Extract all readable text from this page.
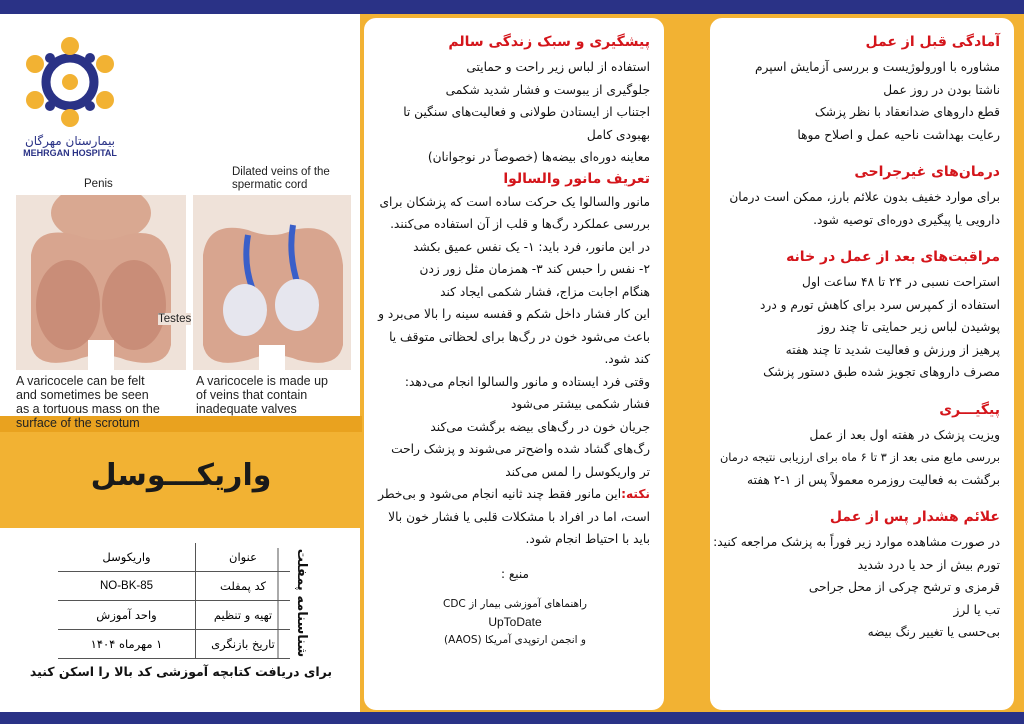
بیمارستان مهرگان
MEHRGAN HOSPITAL
Penis
Dilated veins of the spermatic cord
Testes
A varicocele can be felt
and sometimes be seen
as a tortuous mass on the
surface of the scrotum
A varicocele is made up
of veins that contain
inadequate valves
واریکـــوسل
شناسنامه پمفلت
عنوان	واریکوسل
کد پمفلت	NO-BK-85
تهیه و تنظیم	واحد آموزش
تاریخ بازنگری	۱ مهرماه ۱۴۰۴
برای دریافت کتابچه آموزشی کد بالا را اسکن کنید
پیشگیری و سبک زندگی سالم
استفاده از لباس زیر راحت و حمایتی
جلوگیری از یبوست و فشار شدید شکمی
اجتناب از ایستادن طولانی و فعالیت‌های سنگین تا
بهبودی کامل
معاینه دوره‌ای بیضه‌ها (خصوصاً در نوجوانان)
تعریف مانور والسالوا
مانور والسالوا یک حرکت ساده است که پزشکان برای
بررسی عملکرد رگ‌ها و قلب از آن استفاده می‌کنند.
در این مانور، فرد باید: ۱- یک نفس عمیق بکشد
۲- نفس را حبس کند ۳- همزمان مثل زور زدن
هنگام اجابت مزاج، فشار شکمی ایجاد کند
این کار فشار داخل شکم و قفسه سینه را بالا می‌برد و
باعث می‌شود خون در رگ‌ها برای لحظاتی متوقف یا
کند شود.
وقتی فرد ایستاده و مانور والسالوا انجام می‌دهد:
فشار شکمی بیشتر می‌شود
جریان خون در رگ‌های بیضه برگشت می‌کند
رگ‌های گشاد شده واضح‌تر می‌شوند و پزشک راحت
تر واریکوسل را لمس می‌کند
نکته:این مانور فقط چند ثانیه انجام می‌شود و بی‌خطر
است، اما در افراد با مشکلات قلبی یا فشار خون بالا
باید با احتیاط انجام شود.
منبع :
راهنماهای آموزشی بیمار از CDC
UpToDate
و انجمن ارتوپدی آمریکا (AAOS)
آمادگی قبل از عمل
مشاوره با اورولوژیست و بررسی آزمایش اسپرم
ناشتا بودن در روز عمل
قطع داروهای ضدانعقاد با نظر پزشک
رعایت بهداشت ناحیه عمل و اصلاح موها
درمان‌های غیرجراحی
برای موارد خفیف بدون علائم بارز، ممکن است درمان
دارویی یا پیگیری دوره‌ای توصیه شود.
مراقبت‌های بعد از عمل در خانه
استراحت نسبی در ۲۴ تا ۴۸ ساعت اول
استفاده از کمپرس سرد برای کاهش تورم و درد
پوشیدن لباس زیر حمایتی تا چند روز
پرهیز از ورزش و فعالیت شدید تا چند هفته
مصرف داروهای تجویز شده طبق دستور پزشک
پیگیـــری
ویزیت پزشک در هفته اول بعد از عمل
بررسی مایع منی بعد از ۳ تا ۶ ماه برای ارزیابی نتیجه درمان
برگشت به فعالیت روزمره معمولاً پس از ۱-۲ هفته
علائم هشدار پس از عمل
در صورت مشاهده موارد زیر فوراً به پزشک مراجعه کنید:
تورم بیش از حد یا درد شدید
قرمزی و ترشح چرکی از محل جراحی
تب یا لرز
بی‌حسی یا تغییر رنگ بیضه
